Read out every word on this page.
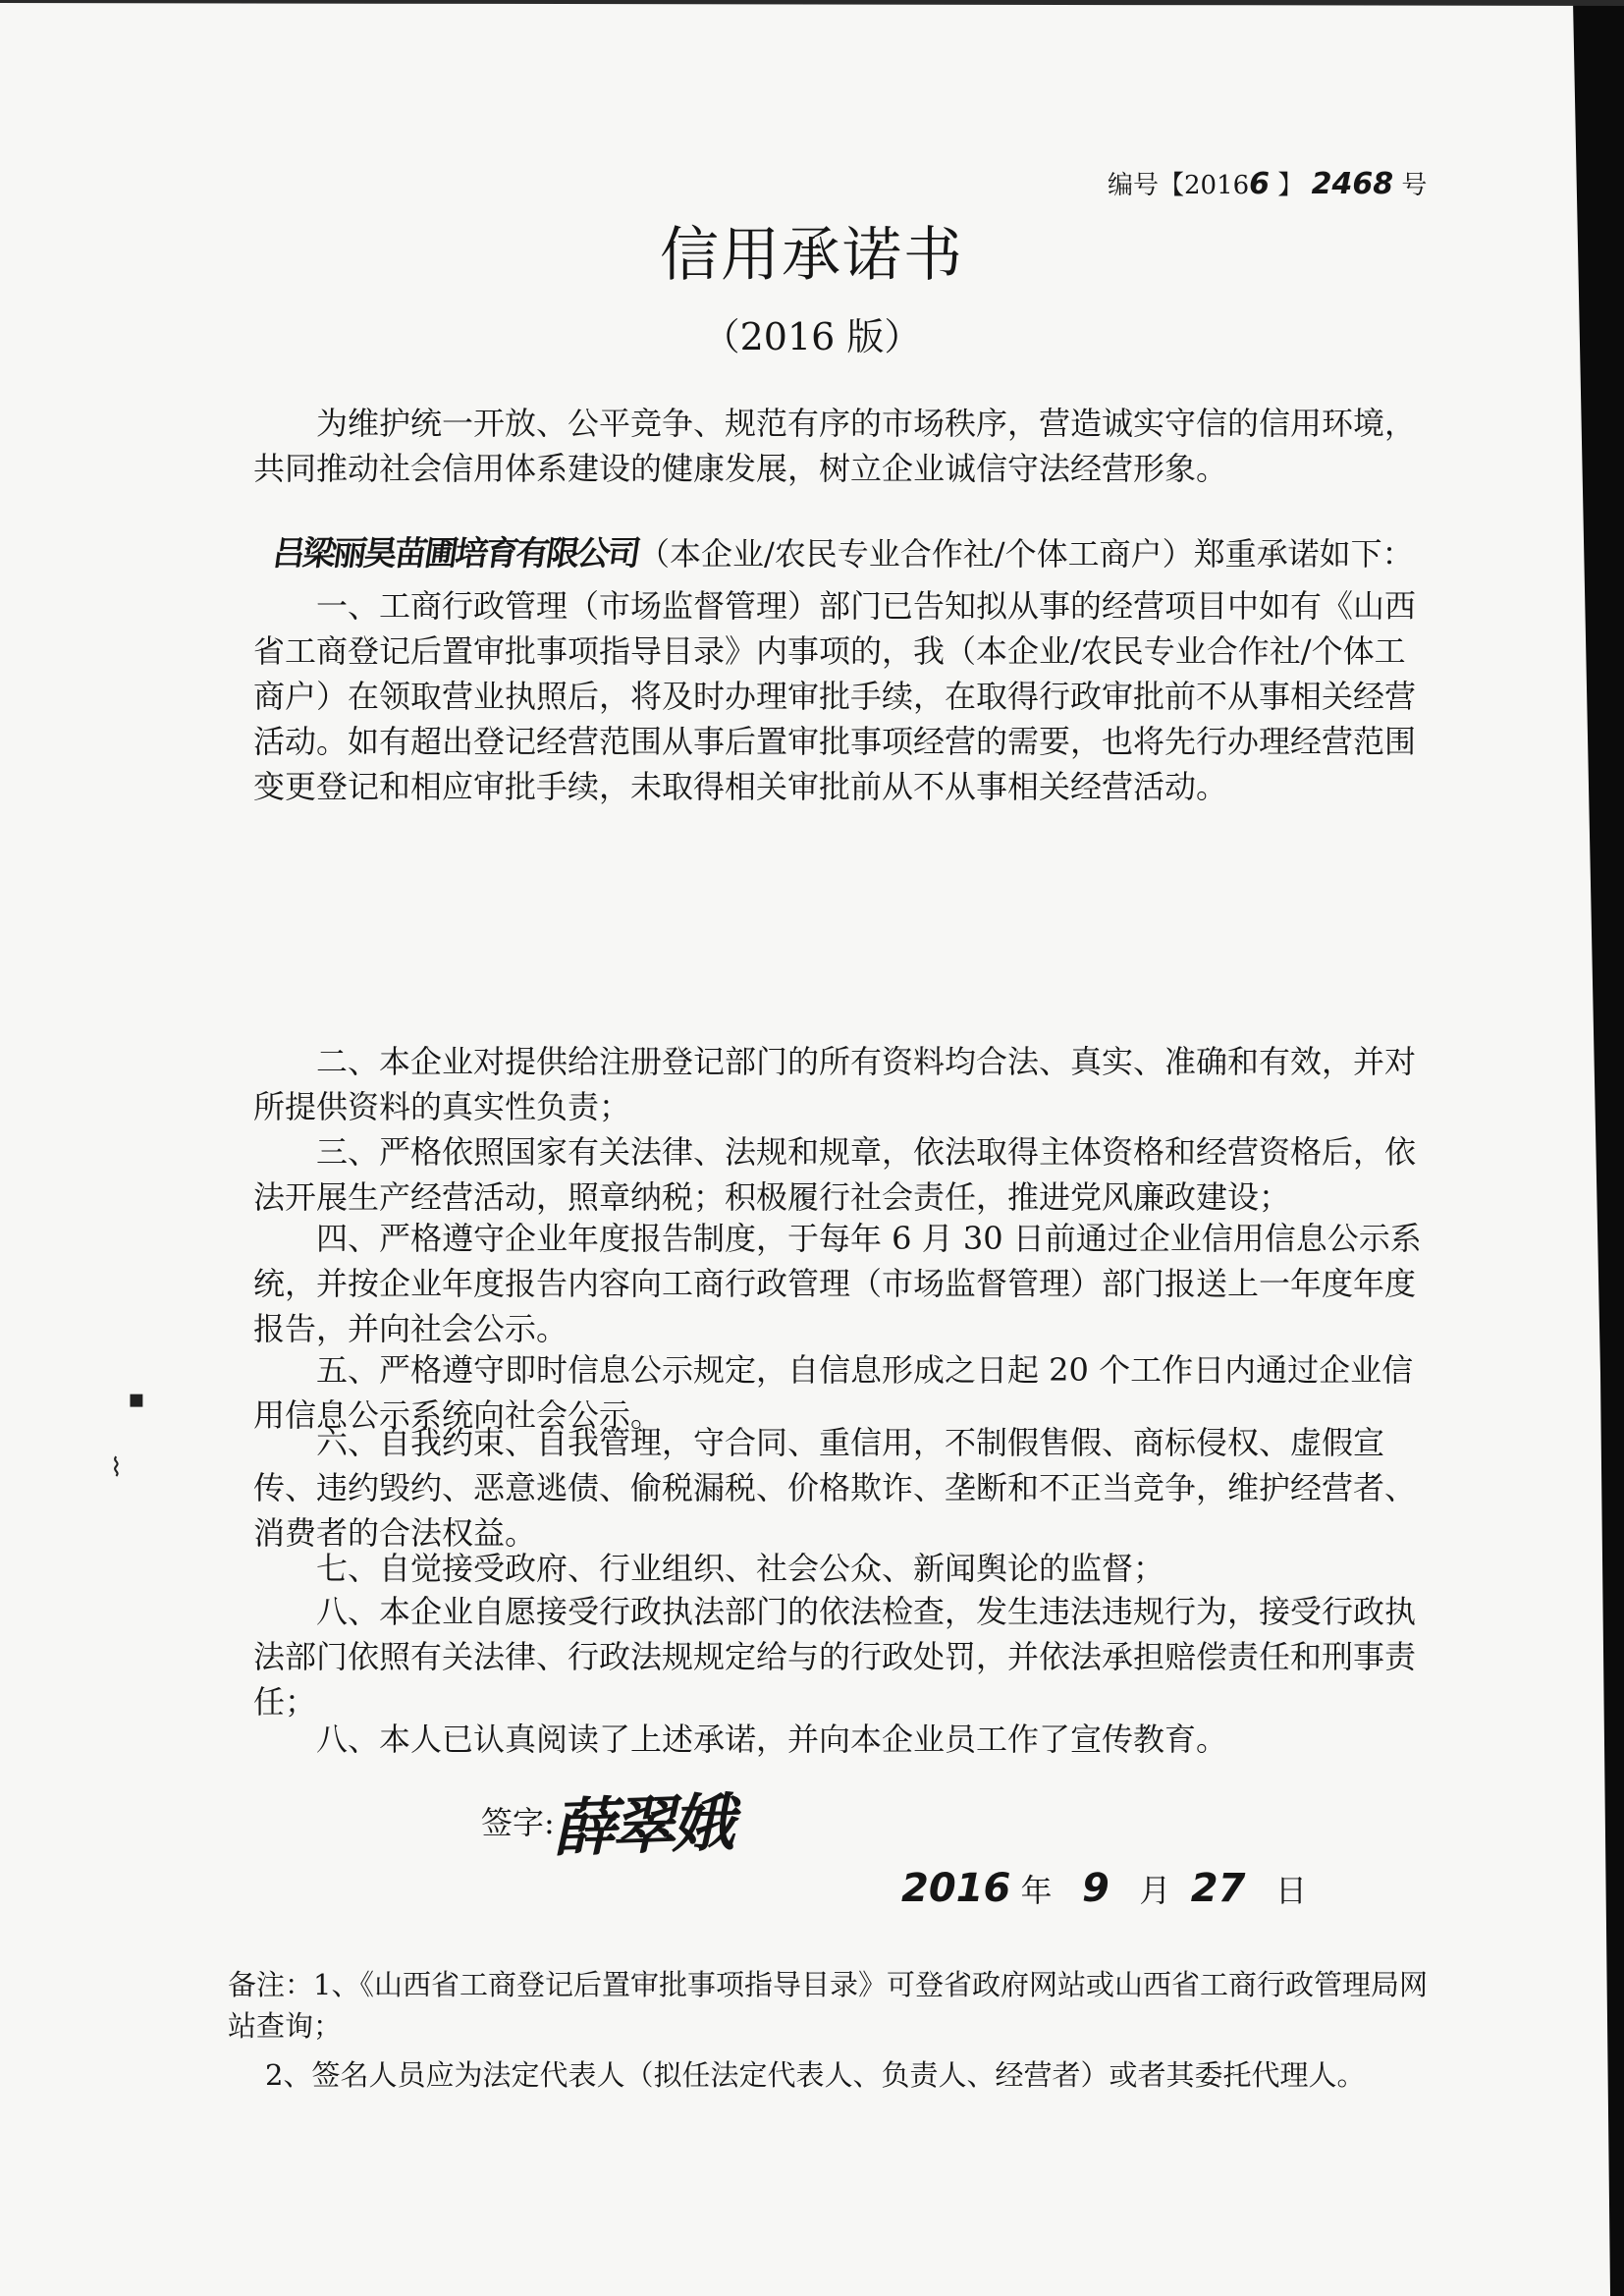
编号【20166 】 2468 号
信用承诺书
（2016 版）

为维护统一开放、公平竞争、规范有序的市场秩序，营造诚实守信的信用环境，共同推动社会信用体系建设的健康发展，树立企业诚信守法经营形象。

吕梁丽昊苗圃培育有限公司（本企业/农民专业合作社/个体工商户）郑重承诺如下：

一、工商行政管理（市场监督管理）部门已告知拟从事的经营项目中如有《山西省工商登记后置审批事项指导目录》内事项的，我（本企业/农民专业合作社/个体工商户）在领取营业执照后，将及时办理审批手续，在取得行政审批前不从事相关经营活动。如有超出登记经营范围从事后置审批事项经营的需要，也将先行办理经营范围变更登记和相应审批手续，未取得相关审批前从不从事相关经营活动。

二、本企业对提供给注册登记部门的所有资料均合法、真实、准确和有效，并对所提供资料的真实性负责；

三、严格依照国家有关法律、法规和规章，依法取得主体资格和经营资格后，依法开展生产经营活动，照章纳税；积极履行社会责任，推进党风廉政建设；

四、严格遵守企业年度报告制度，于每年 6 月 30 日前通过企业信用信息公示系统，并按企业年度报告内容向工商行政管理（市场监督管理）部门报送上一年度年度报告，并向社会公示。

五、严格遵守即时信息公示规定，自信息形成之日起 20 个工作日内通过企业信用信息公示系统向社会公示。

六、自我约束、自我管理，守合同、重信用，不制假售假、商标侵权、虚假宣传、违约毁约、恶意逃债、偷税漏税、价格欺诈、垄断和不正当竞争，维护经营者、消费者的合法权益。

七、自觉接受政府、行业组织、社会公众、新闻舆论的监督；

八、本企业自愿接受行政执法部门的依法检查，发生违法违规行为，接受行政执法部门依照有关法律、行政法规规定给与的行政处罚，并依法承担赔偿责任和刑事责任；

八、本人已认真阅读了上述承诺，并向本企业员工作了宣传教育。

签字: 薛翠娥
2016 年 9 月 27 日
备注：1、《山西省工商登记后置审批事项指导目录》可登省政府网站或山西省工商行政管理局网站查询；
2、签名人员应为法定代表人（拟任法定代表人、负责人、经营者）或者其委托代理人。
▪
⌇
